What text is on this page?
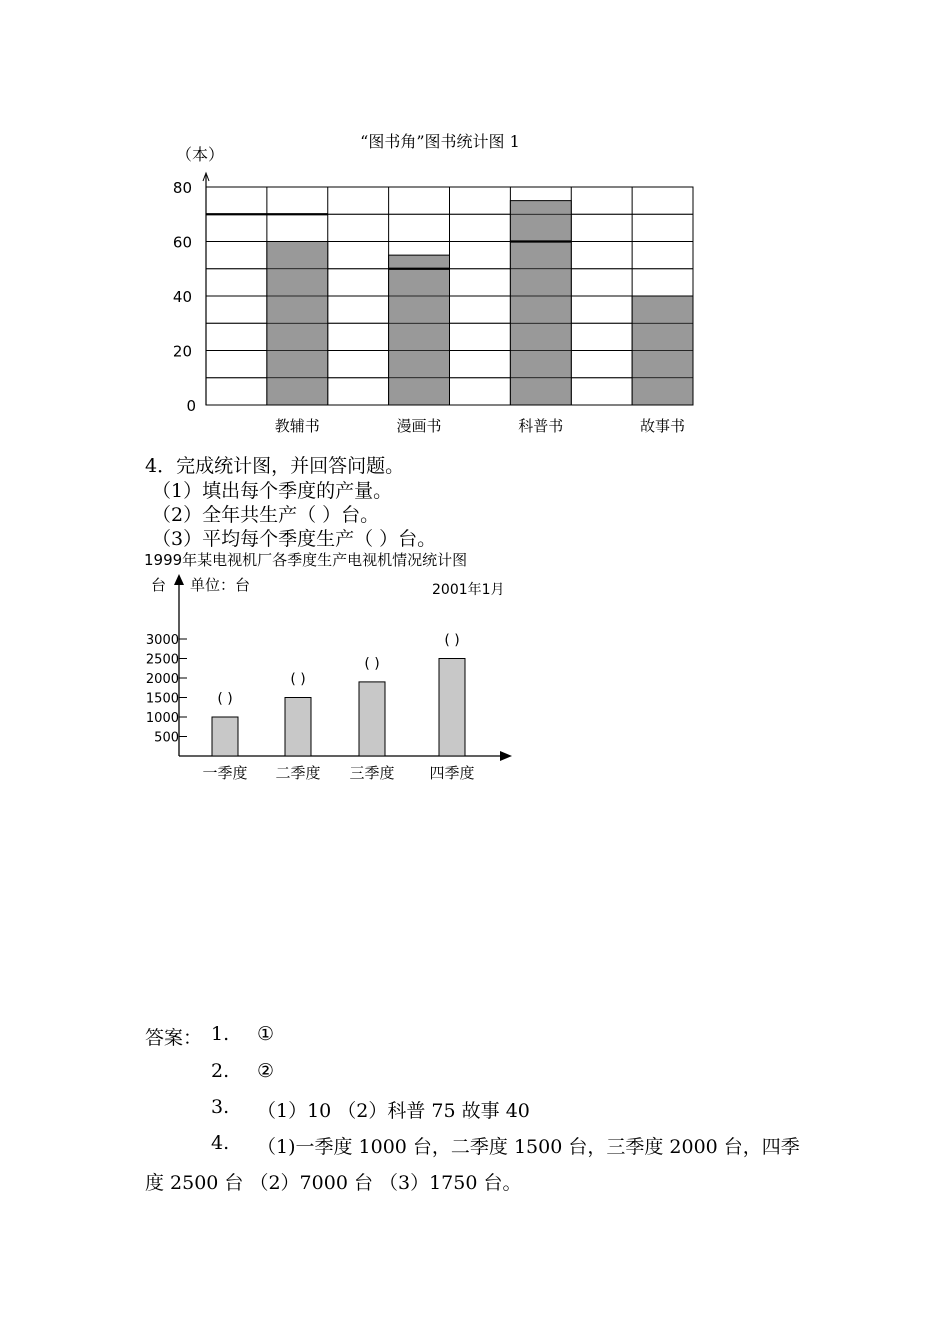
“图书角”图书统计图 1
（本）
0
20
40
60
80
教辅书	漫画书	科普书	故事书
4．完成统计图，并回答问题。
（1）填出每个季度的产量。
（2）全年共生产（ ）台。
（3）平均每个季度生产（ ）台。
1999年某电视机厂各季度生产电视机情况统计图
台 单位：台	2001年1月
500
1000
1500
2000
2500
3000
一季度 二季度 三季度 四季度
( )
( )
( )
( )
答案： 1. ①
2. ②
3. （1）10 （2）科普 75 故事 40
4. （1)一季度 1000 台，二季度 1500 台，三季度 2000 台，四季
度 2500 台 （2）7000 台 （3）1750 台。
